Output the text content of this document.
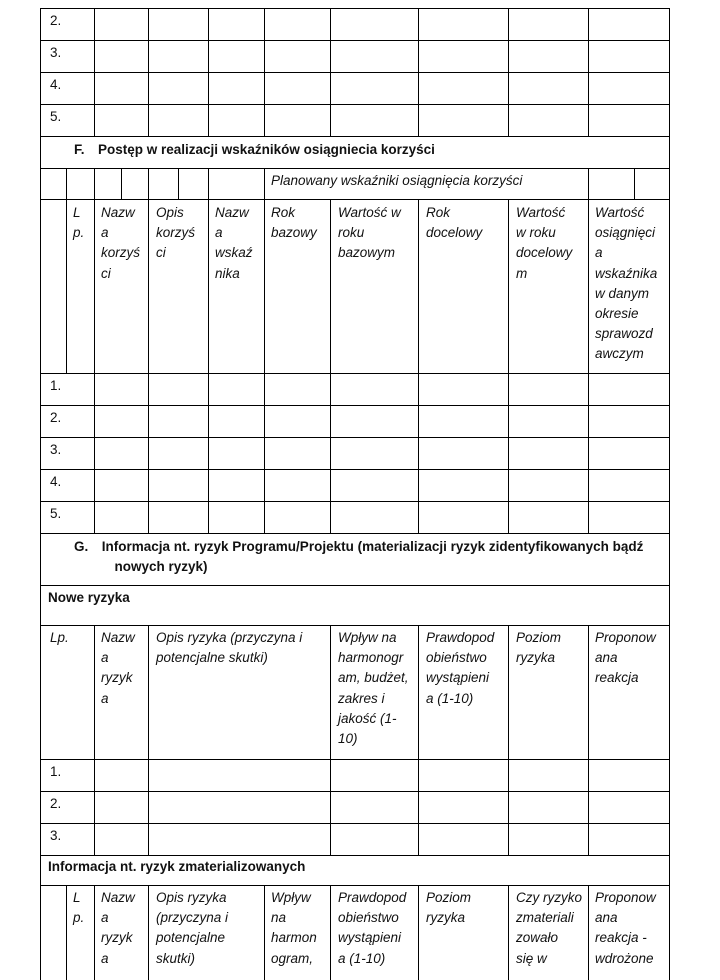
2.
3.
4.
5.
F. Postęp w realizacji wskaźników osiągniecia korzyści
Planowany wskaźniki osiągnięcia korzyści
L
p.
Nazw
a
korzyś
ci
Opis
korzyś
ci
Nazw
a
wskaź
nika
Rok
bazowy
Wartość w
roku
bazowym
Rok
docelowy
Wartość
w roku
docelowy
m
Wartość
osiągnięci
a
wskaźnika
w danym
okresie
sprawozd
awczym
1.
2.
3.
4.
5.
G. Informacja nt. ryzyk Programu/Projektu (materializacji ryzyk zidentyfikowanych bądź
   nowych ryzyk)
Nowe ryzyka
Lp. Nazw
a
ryzyk
a
Opis ryzyka (przyczyna i
potencjalne skutki)
Wpływ na
harmonogr
am, budżet,
zakres i
jakość (1-
10)
Prawdopod
obieństwo
wystąpieni
a (1-10)
Poziom
ryzyka
Proponow
ana
reakcja
1.
2.
3.
Informacja nt. ryzyk zmaterializowanych
L
p.
Nazw
a
ryzyk
a
Opis ryzyka
(przyczyna i
potencjalne
skutki)
Wpływ
na
harmon
ogram,
Prawdopod
obieństwo
wystąpieni
a (1-10)
Poziom
ryzyka
Czy ryzyko
zmateriali
zowało
się w
Proponow
ana
reakcja -
wdrożone
